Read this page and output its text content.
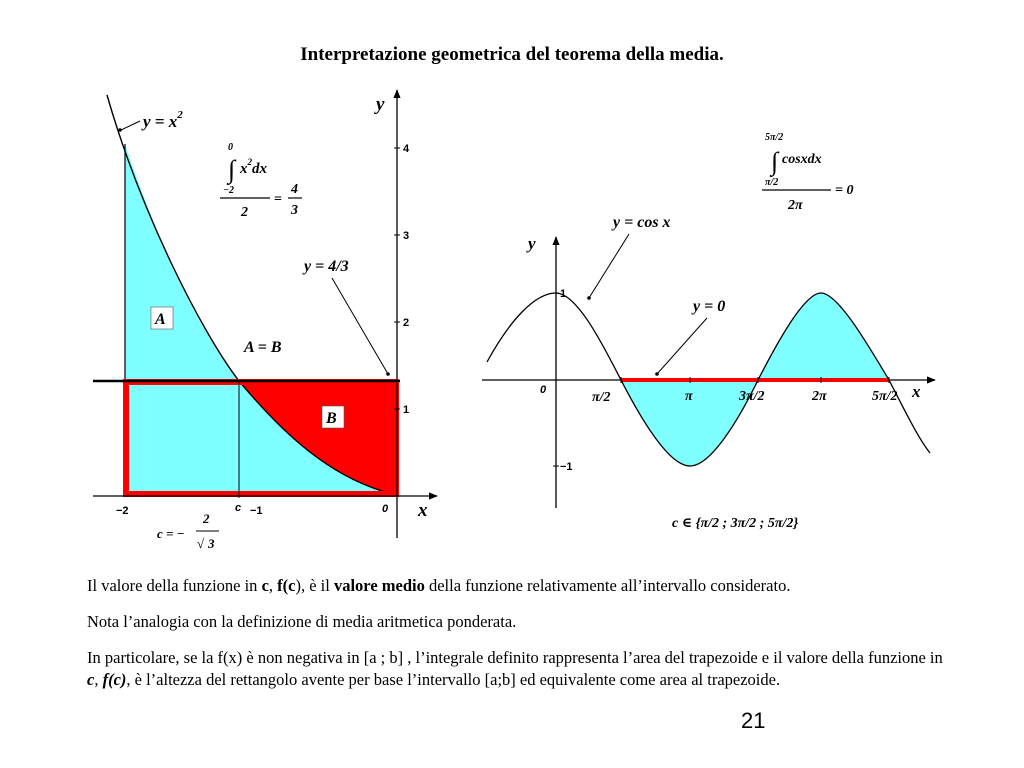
Interpretazione geometrica del teorema della media.
4
3
2
1
−2	c −1	0
y
x
$y = x^2$
0
∫ $x^2dx$
−2
2
=
4
3
y = 4/3
A
B
A = B
c = −
2
√ 3
1
−1
0	π/2	π	3π/2	2π	5π/2
y
x
y = cos x
y = 0
5π/2
∫ cosxdx
π/2
= 0
2π
c ∈ {π/2 ; 3π/2 ; 5π/2}

Il valore della funzione in c, f(c), è il valore medio della funzione relativamente all’intervallo considerato.

Nota l’analogia con la definizione di media aritmetica ponderata.

In particolare, se la f(x) è non negativa in [a ; b] , l’integrale definito rappresenta l’area del trapezoide e il valore della funzione in c, f(c), è l’altezza del rettangolo avente per base l’intervallo [a;b] ed equivalente come area al trapezoide.

21
